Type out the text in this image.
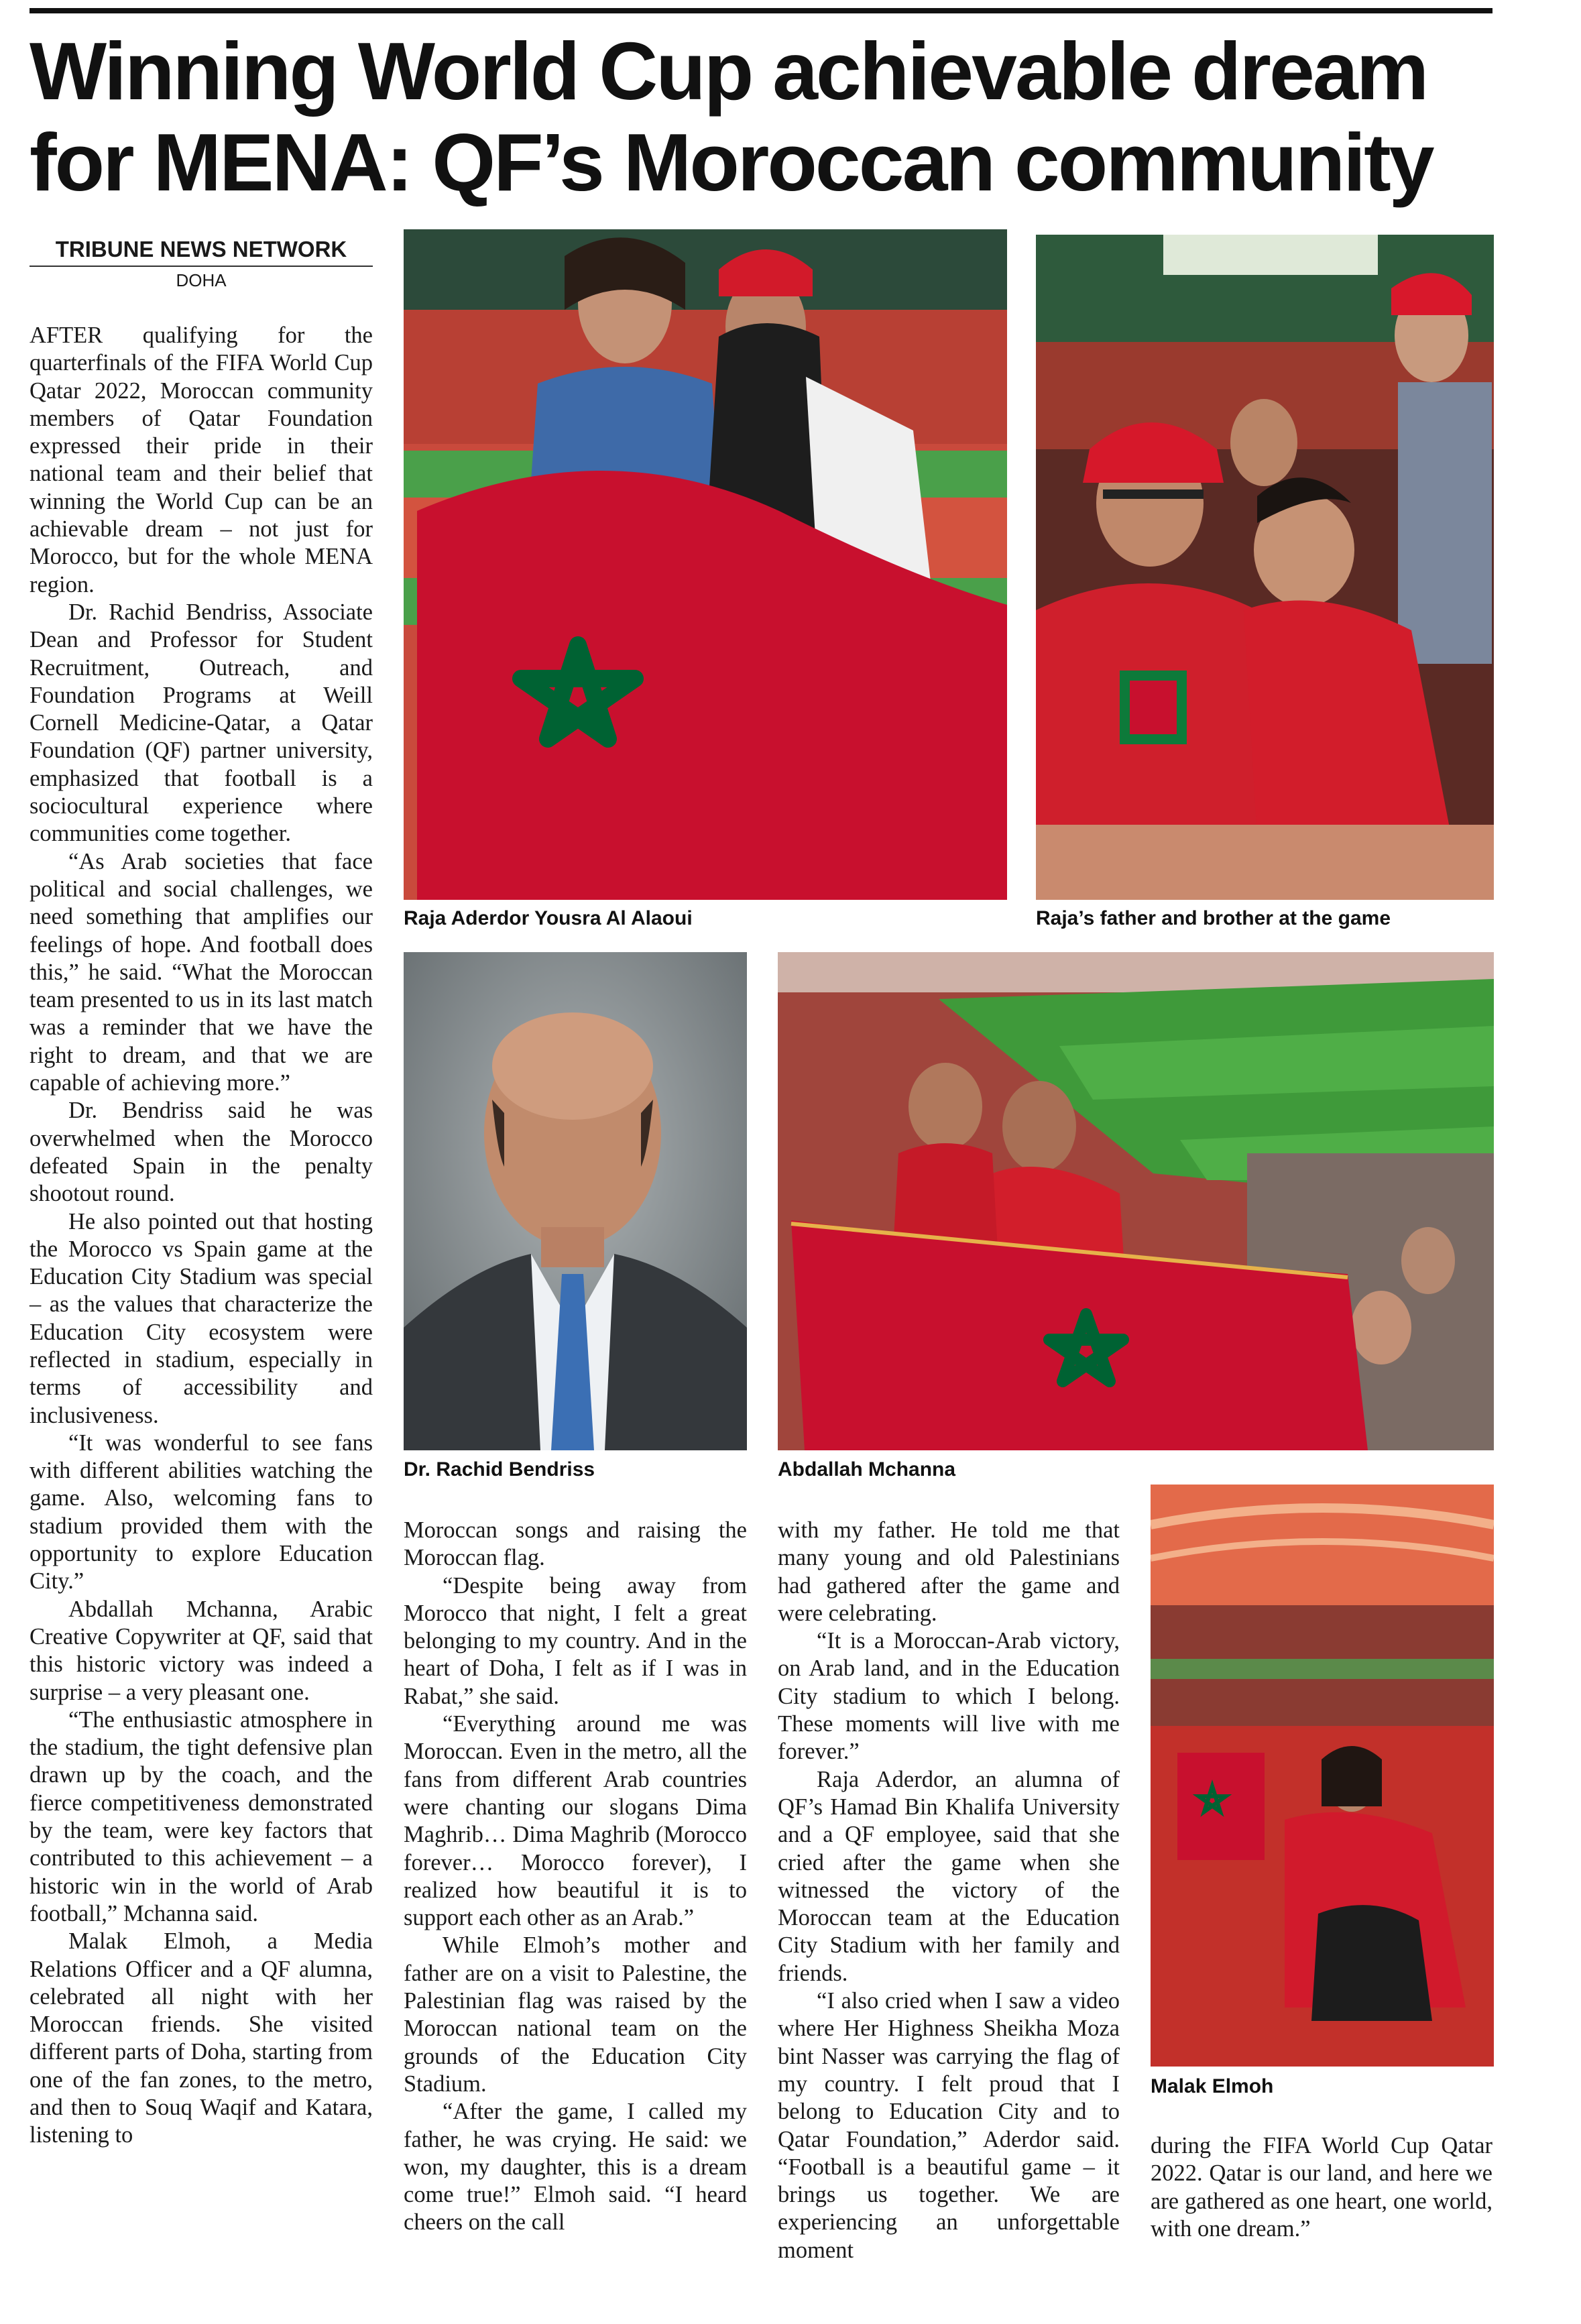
Winning World Cup achievable dream
for MENA: QF’s Moroccan community
TRIBUNE NEWS NETWORK
DOHA

AFTER qualifying for the quarterfinals of the FIFA World Cup Qatar 2022, Moroccan community members of Qatar Foundation expressed their pride in their national team and their belief that winning the World Cup can be an achievable dream – not just for Morocco, but for the whole MENA region.

Dr. Rachid Bendriss, Associate Dean and Professor for Student Recruitment, Outreach, and Foundation Programs at Weill Cornell Medicine-Qatar, a Qatar Foundation (QF) partner university, emphasized that football is a sociocultural experience where communities come together.

“As Arab societies that face political and social challenges, we need something that amplifies our feelings of hope. And football does this,” he said. “What the Moroccan team presented to us in its last match was a reminder that we have the right to dream, and that we are capable of achieving more.”

Dr. Bendriss said he was overwhelmed when the Morocco defeated Spain in the penalty shootout round.

He also pointed out that hosting the Morocco vs Spain game at the Education City Stadium was special – as the values that characterize the Education City ecosystem were reflected in stadium, especially in terms of accessibility and inclusiveness.

“It was wonderful to see fans with different abilities watching the game. Also, welcoming fans to stadium provided them with the opportunity to explore Education City.”

Abdallah Mchanna, Arabic Creative Copywriter at QF, said that this historic victory was indeed a surprise – a very pleasant one.

“The enthusiastic atmosphere in the stadium, the tight defensive plan drawn up by the coach, and the fierce competitiveness demonstrated by the team, were key factors that contributed to this achievement – a historic win in the world of Arab football,” Mchanna said.

Malak Elmoh, a Media Relations Officer and a QF alumna, celebrated all night with her Moroccan friends. She visited different parts of Doha, starting from one of the fan zones, to the metro, and then to Souq Waqif and Katara, listening to

Moroccan songs and raising the Moroccan flag.

“Despite being away from Morocco that night, I felt a great belonging to my country. And in the heart of Doha, I felt as if I was in Rabat,” she said.

“Everything around me was Moroccan. Even in the metro, all the fans from different Arab countries were chanting our slogans Dima Maghrib… Dima Maghrib (Morocco forever… Morocco forever), I realized how beautiful it is to support each other as an Arab.”

While Elmoh’s mother and father are on a visit to Palestine, the Palestinian flag was raised by the Moroccan national team on the grounds of the Education City Stadium.

“After the game, I called my father, he was crying. He said: we won, my daughter, this is a dream come true!” Elmoh said. “I heard cheers on the call

with my father. He told me that many young and old Palestinians had gathered after the game and were celebrating.

“It is a Moroccan-Arab victory, on Arab land, and in the Education City stadium to which I belong. These moments will live with me forever.”

Raja Aderdor, an alumna of QF’s Hamad Bin Khalifa University and a QF employee, said that she cried after the game when she witnessed the victory of the Moroccan team at the Education City Stadium with her family and friends.

“I also cried when I saw a video where Her Highness Sheikha Moza bint Nasser was carrying the flag of my country. I felt proud that I belong to Education City and to Qatar Foundation,” Aderdor said. “Football is a beautiful game – it brings us together. We are experiencing an unforgettable moment

during the FIFA World Cup Qatar 2022. Qatar is our land, and here we are gathered as one heart, one world, with one dream.”

Raja Aderdor Yousra Al Alaoui	Raja’s father and brother at the game
Dr. Rachid Bendriss	Abdallah Mchanna
Malak Elmoh
